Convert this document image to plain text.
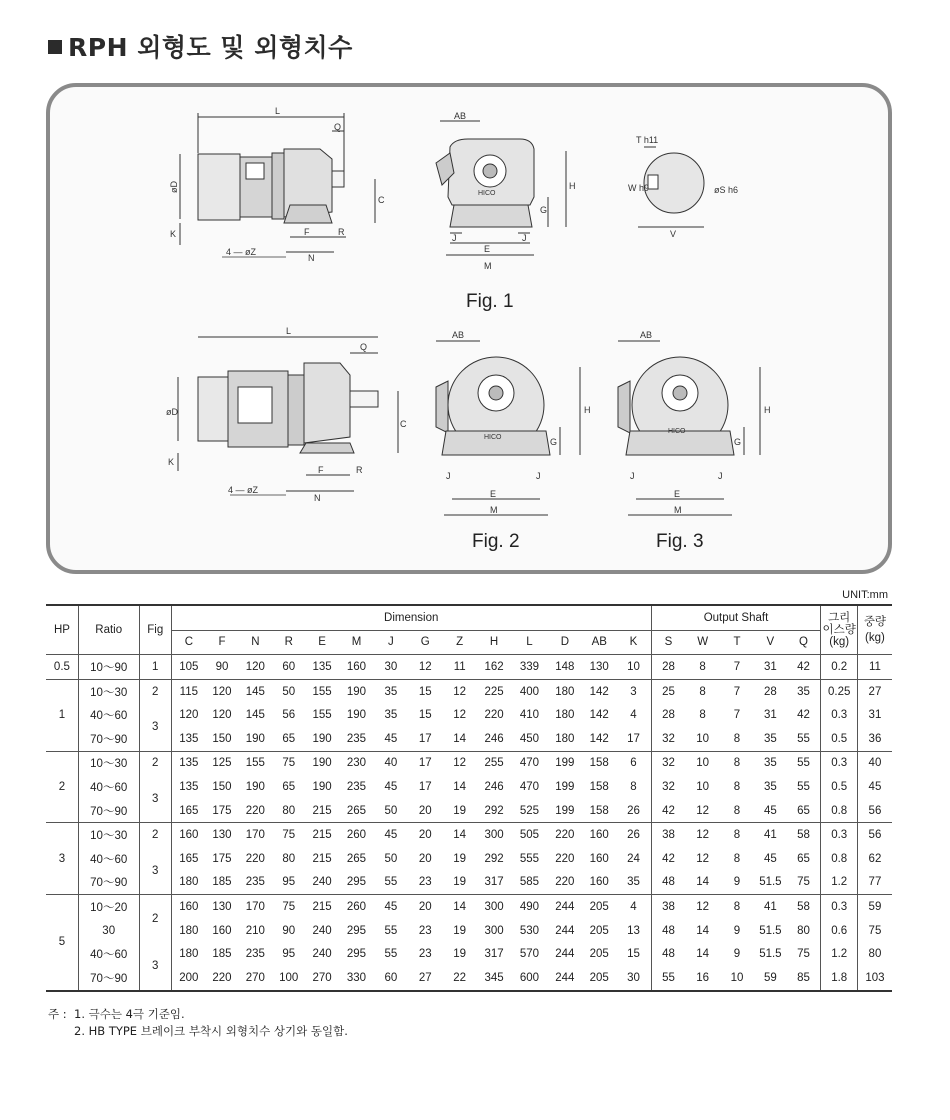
RPH 외형도 및 외형치수
L
Q
øD
C
K	F	R
N
4 — øZ
AB
HICO
H
G
J	J
E
M
T h11
W h9	øS h6
V
Fig. 1
L
Q
øD
C
K
F	R
N
4 — øZ
AB
HICO
H
G
J	J
E
M
Fig. 2
AB
HICO
H
G
J	J
E
M
Fig. 3
UNIT:mm
HP	Ratio	Fig	Dimension														Output Shaft					그리
이스량
(kg)	중량
(kg)
			C	F	N	R	E	M	J	G	Z	H	L	D	AB	K	S	W	T	V	Q		
0.5	10～90	1	105	90	120	60	135	160	30	12	11	162	339	148	130	10	28	8	7	31	42	0.2	11
1	10～30	2	115	120	145	50	155	190	35	15	12	225	400	180	142	3	25	8	7	28	35	0.25	27
	40～60	3	120	120	145	56	155	190	35	15	12	220	410	180	142	4	28	8	7	31	42	0.3	31
	70～90		135	150	190	65	190	235	45	17	14	246	450	180	142	17	32	10	8	35	55	0.5	36
2	10～30	2	135	125	155	75	190	230	40	17	12	255	470	199	158	6	32	10	8	35	55	0.3	40
	40～60	3	135	150	190	65	190	235	45	17	14	246	470	199	158	8	32	10	8	35	55	0.5	45
	70～90		165	175	220	80	215	265	50	20	19	292	525	199	158	26	42	12	8	45	65	0.8	56
3	10～30	2	160	130	170	75	215	260	45	20	14	300	505	220	160	26	38	12	8	41	58	0.3	56
	40～60	3	165	175	220	80	215	265	50	20	19	292	555	220	160	24	42	12	8	45	65	0.8	62
	70～90		180	185	235	95	240	295	55	23	19	317	585	220	160	35	48	14	9	51.5	75	1.2	77
5	10～20	2	160	130	170	75	215	260	45	20	14	300	490	244	205	4	38	12	8	41	58	0.3	59
	30		180	160	210	90	240	295	55	23	19	300	530	244	205	13	48	14	9	51.5	80	0.6	75
	40～60	3	180	185	235	95	240	295	55	23	19	317	570	244	205	15	48	14	9	51.5	75	1.2	80
	70～90		200	220	270	100	270	330	60	27	22	345	600	244	205	30	55	16	10	59	85	1.8	103
주 : 1. 극수는 4극 기준임.
2. HB TYPE 브레이크 부착시 외형치수 상기와 동일함.
